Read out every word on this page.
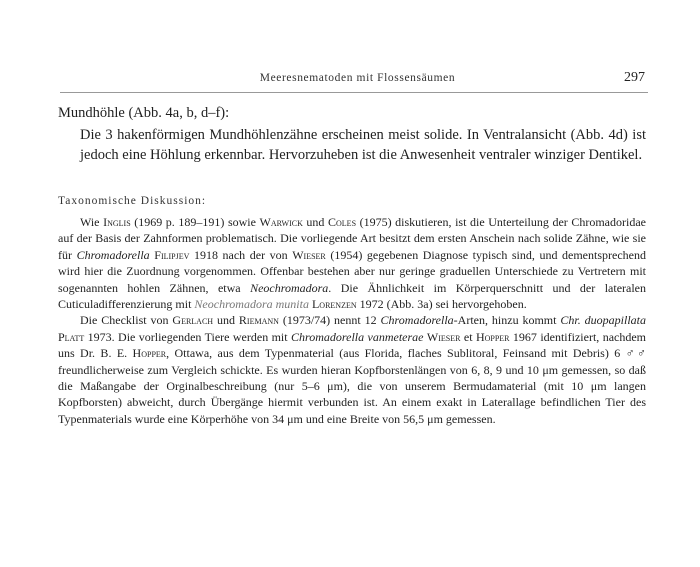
Meeresnematoden mit Flossensäumen	297
Mundhöhle (Abb. 4a, b, d–f):
Die 3 hakenförmigen Mundhöhlenzähne erscheinen meist solide. In Ventralansicht (Abb. 4d) ist jedoch eine Höhlung erkennbar. Hervorzuheben ist die Anwesenheit ventraler winziger Dentikel.
Taxonomische Diskussion:

Wie Inglis (1969 p. 189–191) sowie Warwick und Coles (1975) diskutieren, ist die Unterteilung der Chromadoridae auf der Basis der Zahnformen problematisch. Die vorliegende Art besitzt dem ersten Anschein nach solide Zähne, wie sie für Chromadorella Filipjev 1918 nach der von Wieser (1954) gegebenen Diagnose typisch sind, und dementsprechend wird hier die Zuordnung vorgenommen. Offenbar bestehen aber nur geringe graduellen Unterschiede zu Vertretern mit sogenannten hohlen Zähnen, etwa Neochromadora. Die Ähnlichkeit im Körperquerschnitt und der lateralen Cuticuladifferenzierung mit Neochromadora munita Lorenzen 1972 (Abb. 3a) sei hervorgehoben.

Die Checklist von Gerlach und Riemann (1973/74) nennt 12 Chromadorella-Arten, hinzu kommt Chr. duopapillata Platt 1973. Die vorliegenden Tiere werden mit Chromadorella vanmeterae Wieser et Hopper 1967 identifiziert, nachdem uns Dr. B. E. Hopper, Ottawa, aus dem Typenmaterial (aus Florida, flaches Sublitoral, Feinsand mit Debris) 6 ♂♂ freundlicherweise zum Vergleich schickte. Es wurden hieran Kopfborstenlängen von 6, 8, 9 und 10 μm gemessen, so daß die Maßangabe der Orginalbeschreibung (nur 5–6 μm), die von unserem Bermudamaterial (mit 10 μm langen Kopfborsten) abweicht, durch Übergänge hiermit verbunden ist. An einem exakt in Laterallage befindlichen Tier des Typenmaterials wurde eine Körperhöhe von 34 μm und eine Breite von 56,5 μm gemessen.
